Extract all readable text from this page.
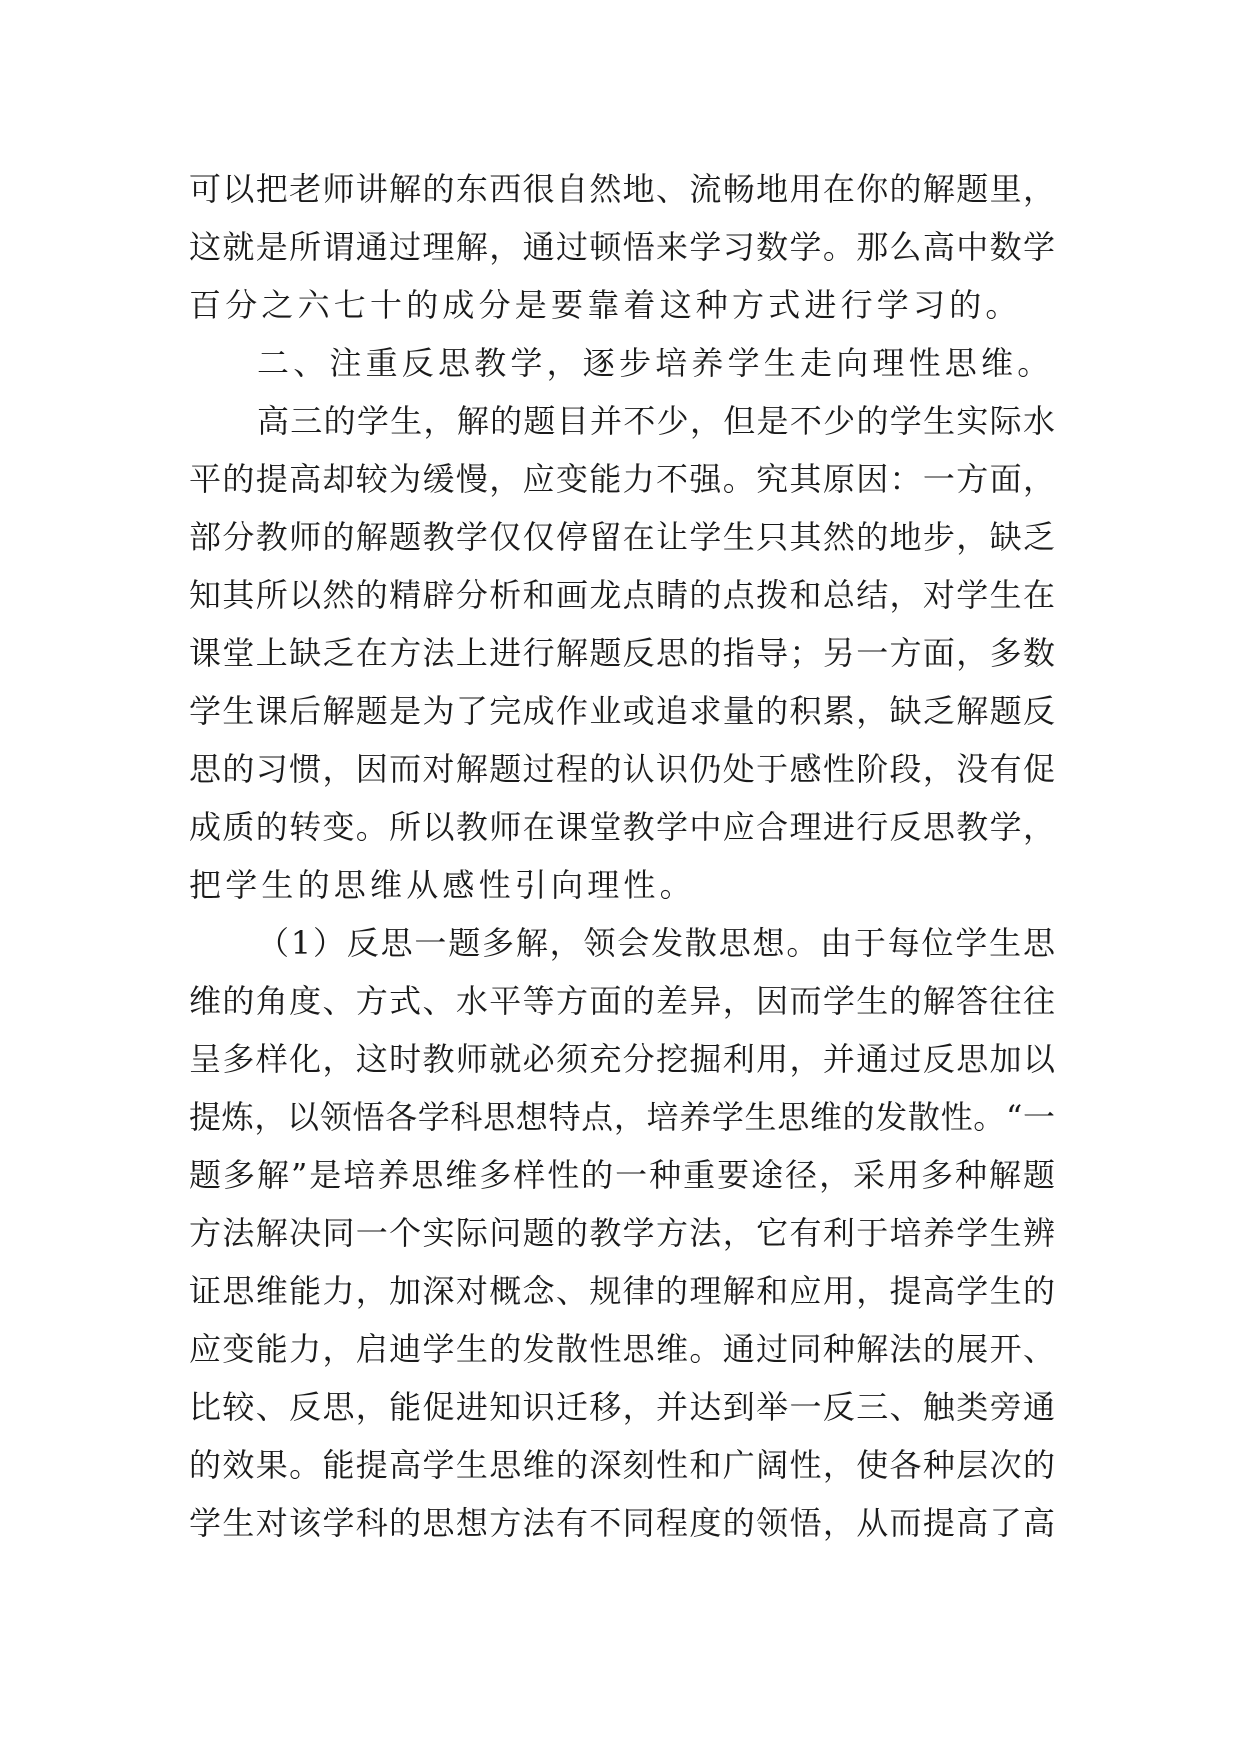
可以把老师讲解的东西很自然地、流畅地用在你的解题里，
这就是所谓通过理解，通过顿悟来学习数学。那么高中数学
百分之六七十的成分是要靠着这种方式进行学习的。
二、注重反思教学，逐步培养学生走向理性思维。
高三的学生，解的题目并不少，但是不少的学生实际水
平的提高却较为缓慢，应变能力不强。究其原因：一方面，
部分教师的解题教学仅仅停留在让学生只其然的地步，缺乏
知其所以然的精辟分析和画龙点睛的点拨和总结，对学生在
课堂上缺乏在方法上进行解题反思的指导；另一方面，多数
学生课后解题是为了完成作业或追求量的积累，缺乏解题反
思的习惯，因而对解题过程的认识仍处于感性阶段，没有促
成质的转变。所以教师在课堂教学中应合理进行反思教学，
把学生的思维从感性引向理性。
（1）反思一题多解，领会发散思想。由于每位学生思
维的角度、方式、水平等方面的差异，因而学生的解答往往
呈多样化，这时教师就必须充分挖掘利用，并通过反思加以
提炼，以领悟各学科思想特点，培养学生思维的发散性。“一
题多解”是培养思维多样性的一种重要途径，采用多种解题
方法解决同一个实际问题的教学方法，它有利于培养学生辨
证思维能力，加深对概念、规律的理解和应用，提高学生的
应变能力，启迪学生的发散性思维。通过同种解法的展开、
比较、反思，能促进知识迁移，并达到举一反三、触类旁通
的效果。能提高学生思维的深刻性和广阔性，使各种层次的
学生对该学科的思想方法有不同程度的领悟，从而提高了高
